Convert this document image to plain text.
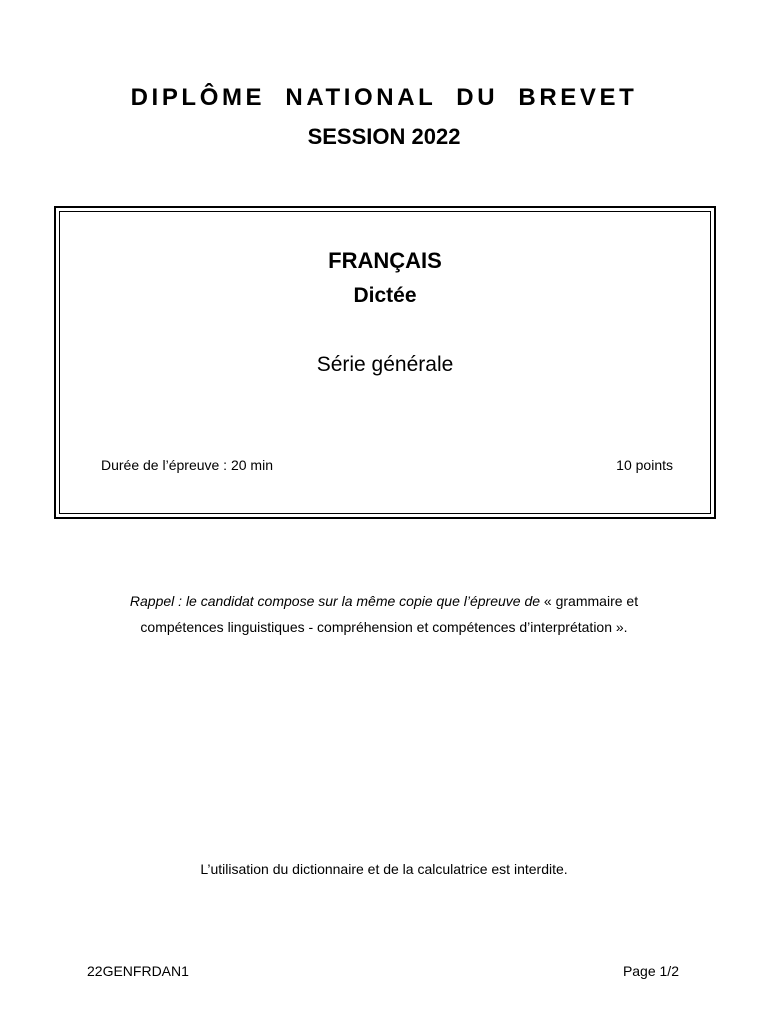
DIPLÔME NATIONAL DU BREVET
SESSION 2022
FRANÇAIS
Dictée
Série générale
Durée de l’épreuve : 20 min	10 points
Rappel : le candidat compose sur la même copie que l’épreuve de « grammaire et
compétences linguistiques - compréhension et compétences d’interprétation ».
L’utilisation du dictionnaire et de la calculatrice est interdite.
22GENFRDAN1	Page 1/2
